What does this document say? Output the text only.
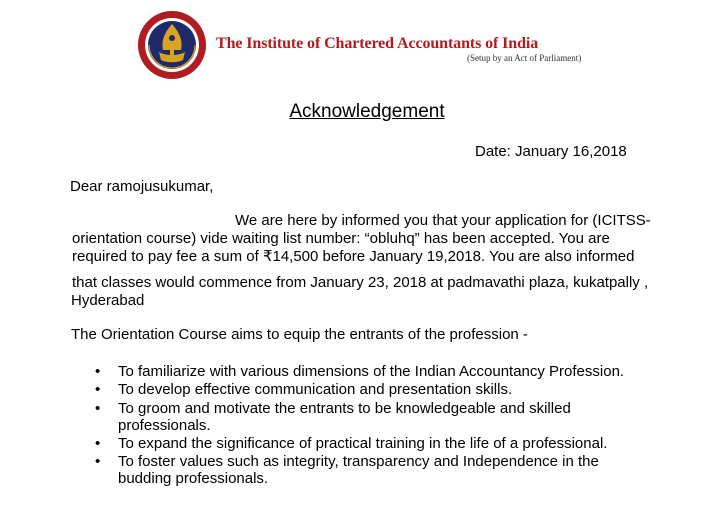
The Institute of Chartered Accountants of India
(Setup by an Act of Parliament)
Acknowledgement
Date: January 16,2018
Dear ramojusukumar,
We are here by informed you that your application for (ICITSS-
orientation course) vide waiting list number: “obluhq” has been accepted. You are
required to pay fee a sum of ₹14,500 before January 19,2018. You are also informed
that classes would commence from January 23, 2018 at padmavathi plaza, kukatpally ,
Hyderabad
The Orientation Course aims to equip the entrants of the profession -
• To familiarize with various dimensions of the Indian Accountancy Profession.
• To develop effective communication and presentation skills.
• To groom and motivate the entrants to be knowledgeable and skilled
professionals.
• To expand the significance of practical training in the life of a professional.
• To foster values such as integrity, transparency and Independence in the
budding professionals.
